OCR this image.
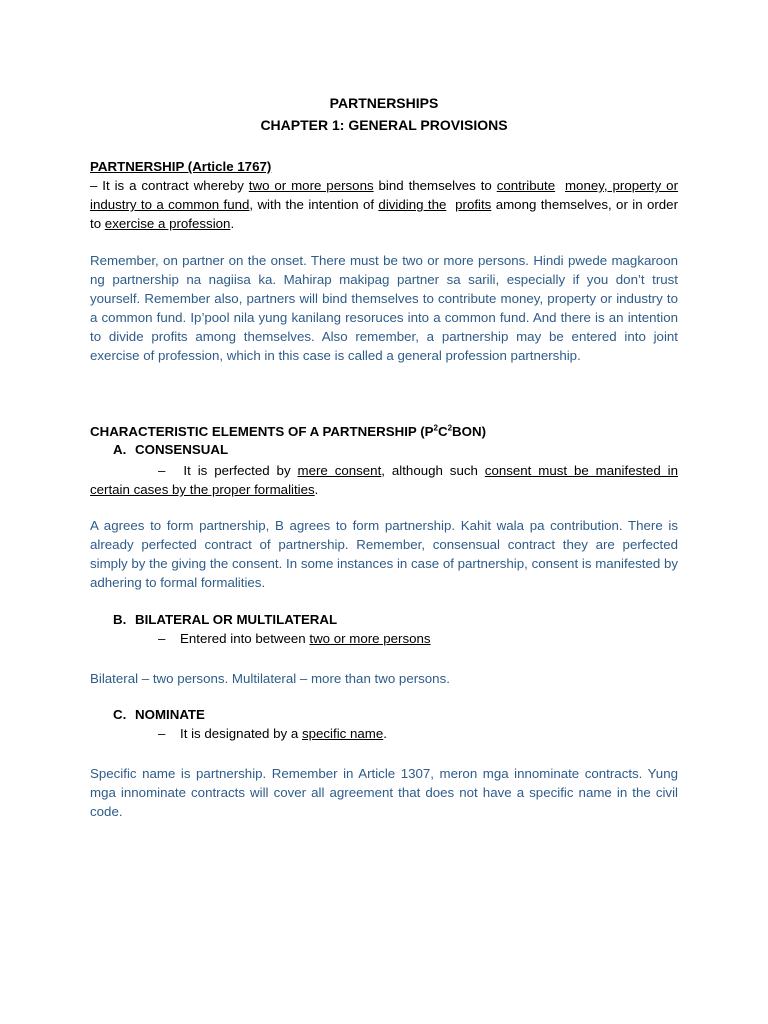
PARTNERSHIPS
CHAPTER 1: GENERAL PROVISIONS
PARTNERSHIP (Article 1767)
– It is a contract whereby two or more persons bind themselves to contribute money, property or industry to a common fund, with the intention of dividing the profits among themselves, or in order to exercise a profession.
Remember, on partner on the onset. There must be two or more persons. Hindi pwede magkaroon ng partnership na nagiisa ka. Mahirap makipag partner sa sarili, especially if you don’t trust yourself. Remember also, partners will bind themselves to contribute money, property or industry to a common fund. Ip’pool nila yung kanilang resoruces into a common fund. And there is an intention to divide profits among themselves. Also remember, a partnership may be entered into joint exercise of profession, which in this case is called a general profession partnership.
CHARACTERISTIC ELEMENTS OF A PARTNERSHIP $(P^2C^2BON)$
A. CONSENSUAL
– It is perfected by mere consent, although such consent must be manifested in certain cases by the proper formalities.
A agrees to form partnership, B agrees to form partnership. Kahit wala pa contribution. There is already perfected contract of partnership. Remember, consensual contract they are perfected simply by the giving the consent. In some instances in case of partnership, consent is manifested by adhering to formal formalities.
B. BILATERAL OR MULTILATERAL
– Entered into between two or more persons
Bilateral – two persons. Multilateral – more than two persons.
C. NOMINATE
– It is designated by a specific name.
Specific name is partnership. Remember in Article 1307, meron mga innominate contracts. Yung mga innominate contracts will cover all agreement that does not have a specific name in the civil code.
